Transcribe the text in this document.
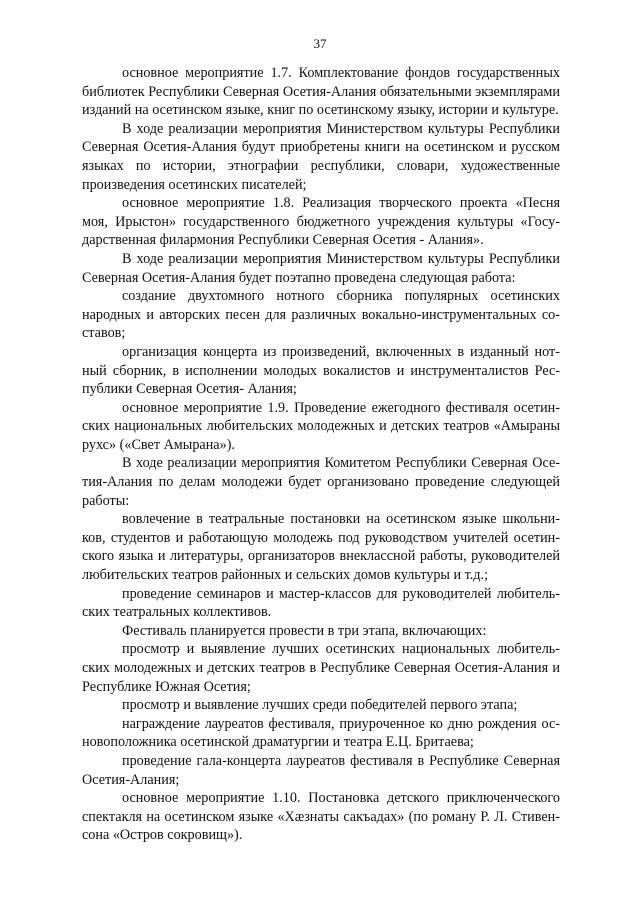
37

основное мероприятие 1.7. Комплектование фондов государственных библиотек Республики Северная Осетия-Алания обязательными экземплярами изданий на осетинском языке, книг по осетинскому языку, истории и культуре.

В ходе реализации мероприятия Министерством культуры Республики Северная Осетия-Алания будут приобретены книги на осетинском и русском языках по истории, этнографии республики, словари, художественные произведения осетинских писателей;

основное мероприятие 1.8. Реализация творческого проекта «Песня моя, Ирыстон» государственного бюджетного учреждения культуры «Государственная филармония Республики Северная Осетия - Алания».

В ходе реализации мероприятия Министерством культуры Республики Северная Осетия-Алания будет поэтапно проведена следующая работа:

создание двухтомного нотного сборника популярных осетинских народных и авторских песен для различных вокально-инструментальных составов;

организация концерта из произведений, включенных в изданный нотный сборник, в исполнении молодых вокалистов и инструменталистов Республики Северная Осетия- Алания;

основное мероприятие 1.9. Проведение ежегодного фестиваля осетинских национальных любительских молодежных и детских театров «Амыраны рухс» («Свет Амырана»).

В ходе реализации мероприятия Комитетом Республики Северная Осетия-Алания по делам молодежи будет организовано проведение следующей работы:

вовлечение в театральные постановки на осетинском языке школьников, студентов и работающую молодежь под руководством учителей осетинского языка и литературы, организаторов внеклассной работы, руководителей любительских театров районных и сельских домов культуры и т.д.;

проведение семинаров и мастер-классов для руководителей любительских театральных коллективов.

Фестиваль планируется провести в три этапа, включающих:

просмотр и выявление лучших осетинских национальных любительских молодежных и детских театров в Республике Северная Осетия-Алания и Республике Южная Осетия;

просмотр и выявление лучших среди победителей первого этапа;

награждение лауреатов фестиваля, приуроченное ко дню рождения основоположника осетинской драматургии и театра Е.Ц. Бритаева;

проведение гала-концерта лауреатов фестиваля в Республике Северная Осетия-Алания;

основное мероприятие 1.10. Постановка детского приключенческого спектакля на осетинском языке «Хæзнаты сакъадах» (по роману Р. Л. Стивенсона «Остров сокровищ»).
